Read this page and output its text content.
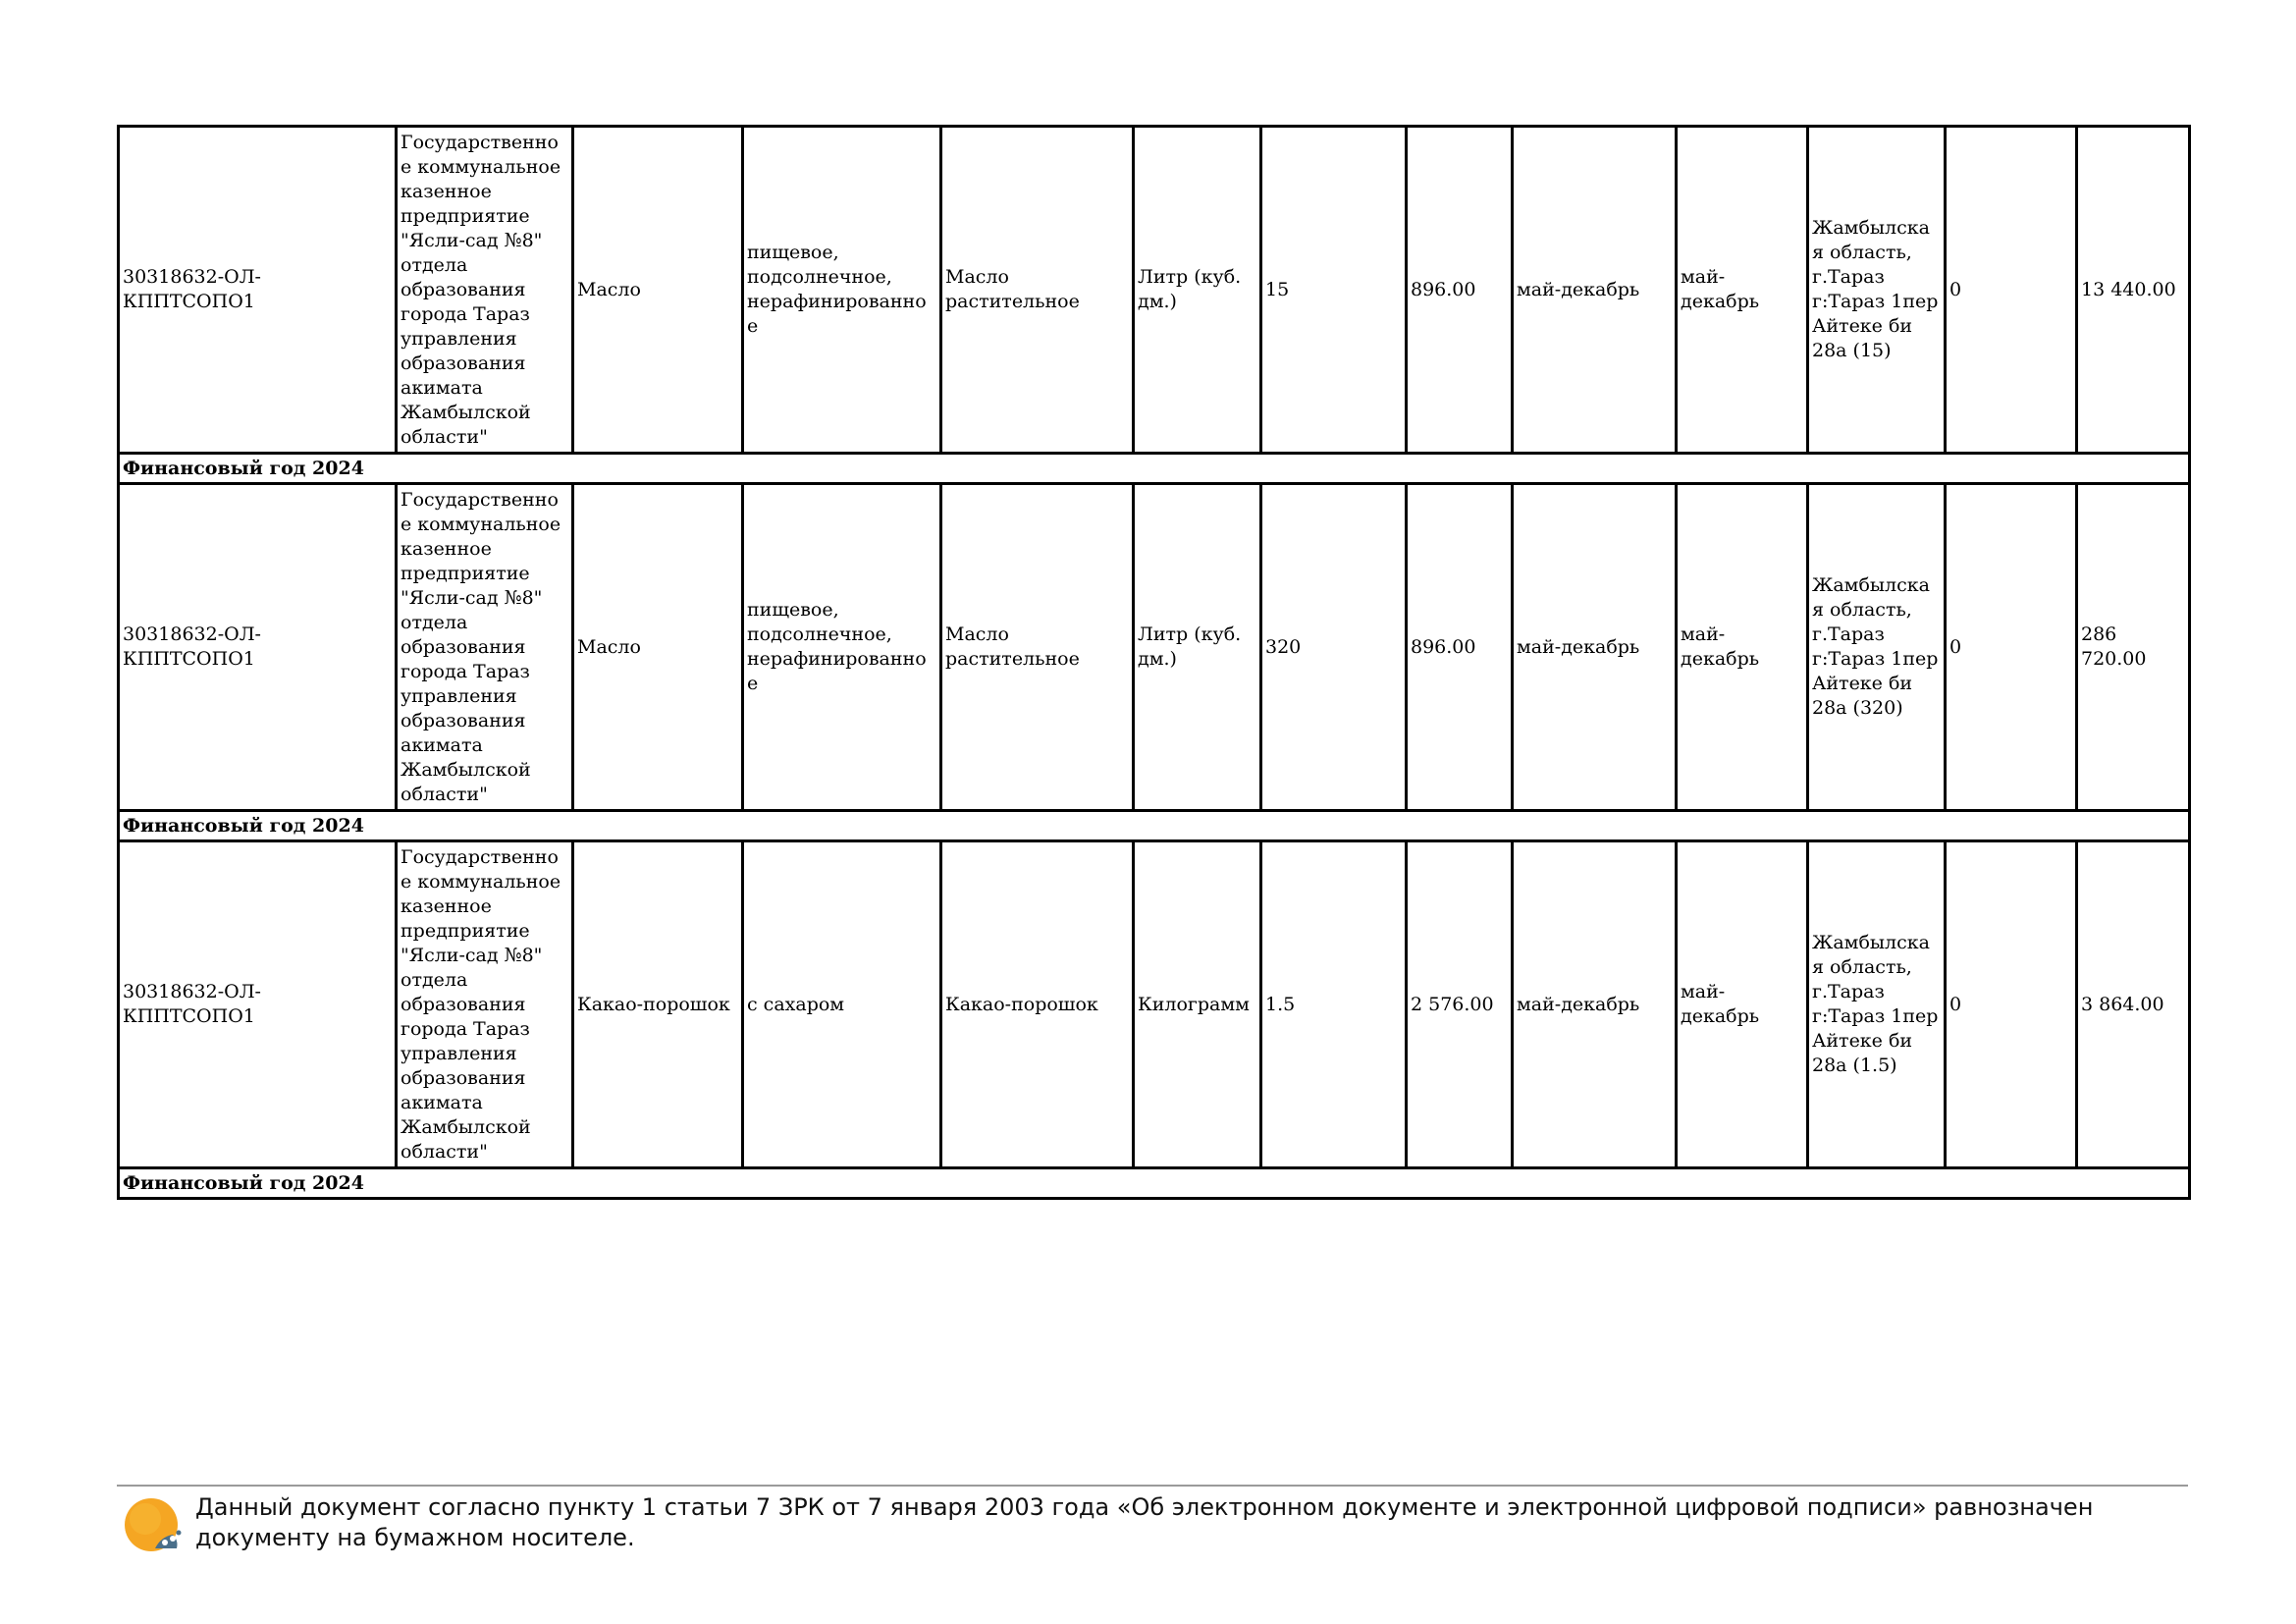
30318632-ОЛ-КППТСОПО1	Государственное коммунальное казенное предприятие "Ясли-сад №8" отдела образования города Тараз управления образования акимата Жамбылской области"	Масло	пищевое, подсолнечное, нерафинированное	Масло растительное	Литр (куб. дм.)	15	896.00	май-декабрь	май-декабрь	Жамбылская область, г.Тараз г:Тараз 1пер Айтеке би 28а (15)	0	13 440.00
Финансовый год 2024												
30318632-ОЛ-КППТСОПО1	Государственное коммунальное казенное предприятие "Ясли-сад №8" отдела образования города Тараз управления образования акимата Жамбылской области"	Масло	пищевое, подсолнечное, нерафинированное	Масло растительное	Литр (куб. дм.)	320	896.00	май-декабрь	май-декабрь	Жамбылская область, г.Тараз г:Тараз 1пер Айтеке би 28а (320)	0	286 720.00
Финансовый год 2024												
30318632-ОЛ-КППТСОПО1	Государственное коммунальное казенное предприятие "Ясли-сад №8" отдела образования города Тараз управления образования акимата Жамбылской области"	Какао-порошок	с сахаром	Какао-порошок	Килограмм	1.5	2 576.00	май-декабрь	май-декабрь	Жамбылская область, г.Тараз г:Тараз 1пер Айтеке би 28а (1.5)	0	3 864.00
Финансовый год 2024												
Данный документ согласно пункту 1 статьи 7 ЗРК от 7 января 2003 года «Об электронном документе и электронной цифровой подписи» равнозначен документу на бумажном носителе.
